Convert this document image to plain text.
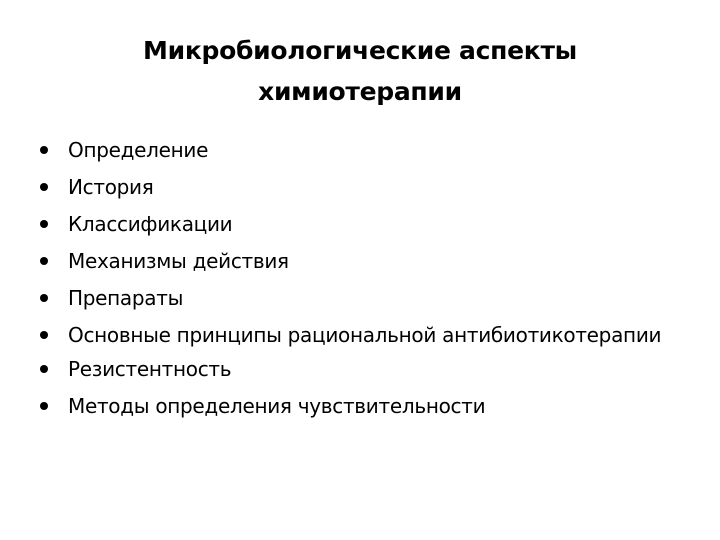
Микробиологические аспекты
химиотерапии
Определение
История
Классификации
Механизмы действия
Препараты
Основные принципы рациональной антибиотикотерапии
Резистентность
Методы определения чувствительности
